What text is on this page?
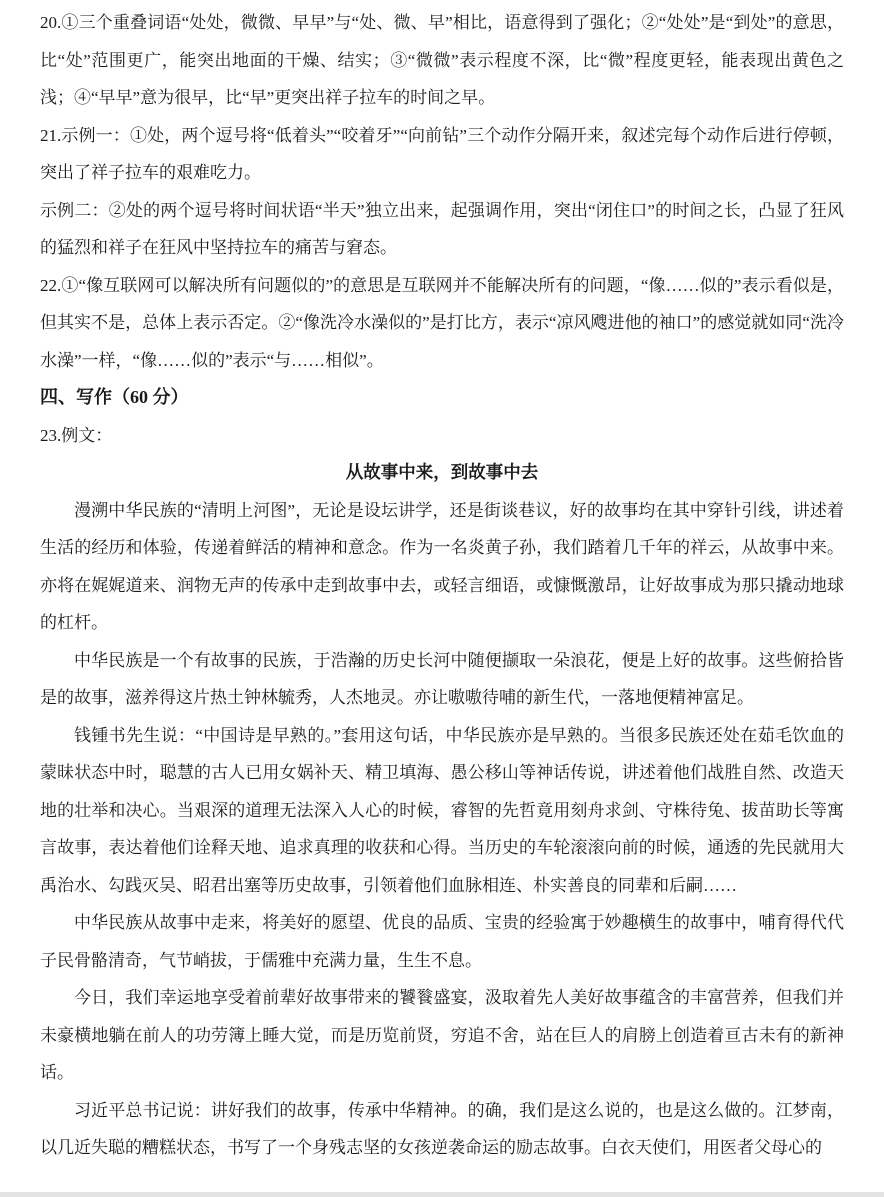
20.①三个重叠词语“处处，微微、早早”与“处、微、早”相比，语意得到了强化；②“处处”是“到处”的意思，比“处”范围更广，能突出地面的干燥、结实；③“微微”表示程度不深，比“微”程度更轻，能表现出黄色之浅；④“早早”意为很早，比“早”更突出祥子拉车的时间之早。

21.示例一：①处，两个逗号将“低着头”“咬着牙”“向前钻”三个动作分隔开来，叙述完每个动作后进行停顿，突出了祥子拉车的艰难吃力。

示例二：②处的两个逗号将时间状语“半天”独立出来，起强调作用，突出“闭住口”的时间之长，凸显了狂风的猛烈和祥子在狂风中坚持拉车的痛苦与窘态。

22.①“像互联网可以解决所有问题似的”的意思是互联网并不能解决所有的问题，“像……似的”表示看似是，但其实不是，总体上表示否定。②“像洗冷水澡似的”是打比方，表示“凉风飕进他的袖口”的感觉就如同“洗冷水澡”一样，“像……似的”表示“与……相似”。

四、写作（60 分）

23.例文：

从故事中来，到故事中去

漫溯中华民族的“清明上河图”，无论是设坛讲学，还是街谈巷议，好的故事均在其中穿针引线，讲述着生活的经历和体验，传递着鲜活的精神和意念。作为一名炎黄子孙，我们踏着几千年的祥云，从故事中来。亦将在娓娓道来、润物无声的传承中走到故事中去，或轻言细语，或慷慨激昂，让好故事成为那只撬动地球的杠杆。

中华民族是一个有故事的民族，于浩瀚的历史长河中随便撷取一朵浪花，便是上好的故事。这些俯拾皆是的故事，滋养得这片热土钟林毓秀，人杰地灵。亦让嗷嗷待哺的新生代，一落地便精神富足。

钱锺书先生说：“中国诗是早熟的。”套用这句话，中华民族亦是早熟的。当很多民族还处在茹毛饮血的蒙昧状态中时，聪慧的古人已用女娲补天、精卫填海、愚公移山等神话传说，讲述着他们战胜自然、改造天地的壮举和决心。当艰深的道理无法深入人心的时候，睿智的先哲竟用刻舟求剑、守株待兔、拔苗助长等寓言故事，表达着他们诠释天地、追求真理的收获和心得。当历史的车轮滚滚向前的时候，通透的先民就用大禹治水、勾践灭吴、昭君出塞等历史故事，引领着他们血脉相连、朴实善良的同辈和后嗣……

中华民族从故事中走来，将美好的愿望、优良的品质、宝贵的经验寓于妙趣横生的故事中，哺育得代代子民骨骼清奇，气节峭拔，于儒雅中充满力量，生生不息。

今日，我们幸运地享受着前辈好故事带来的饕餮盛宴，汲取着先人美好故事蕴含的丰富营养，但我们并未豪横地躺在前人的功劳簿上睡大觉，而是历览前贤，穷追不舍，站在巨人的肩膀上创造着亘古未有的新神话。

习近平总书记说：讲好我们的故事，传承中华精神。的确，我们是这么说的，也是这么做的。江梦南，以几近失聪的糟糕状态，书写了一个身残志坚的女孩逆袭命运的励志故事。白衣天使们，用医者父母心的
